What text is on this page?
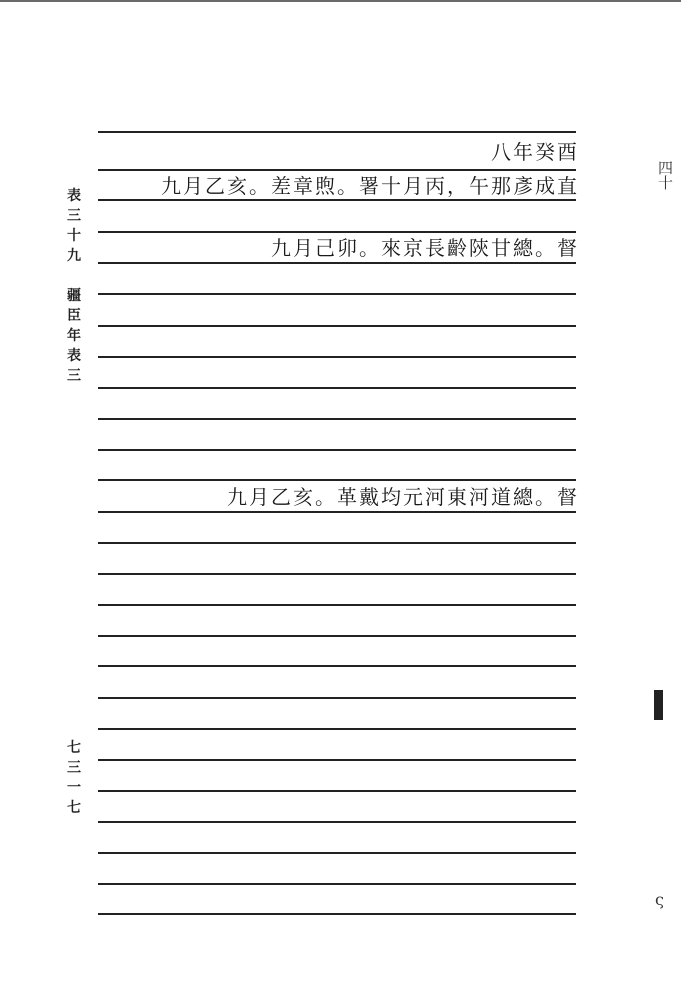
八年癸酉
九月乙亥。差章煦。署十月丙，午那彥成直
九月己卯。來京長齡陝甘總。督
九月乙亥。革戴均元河東河道總。督
表
三
十
九
疆
臣
年
表
三
七
三
一
七
四十
ς
